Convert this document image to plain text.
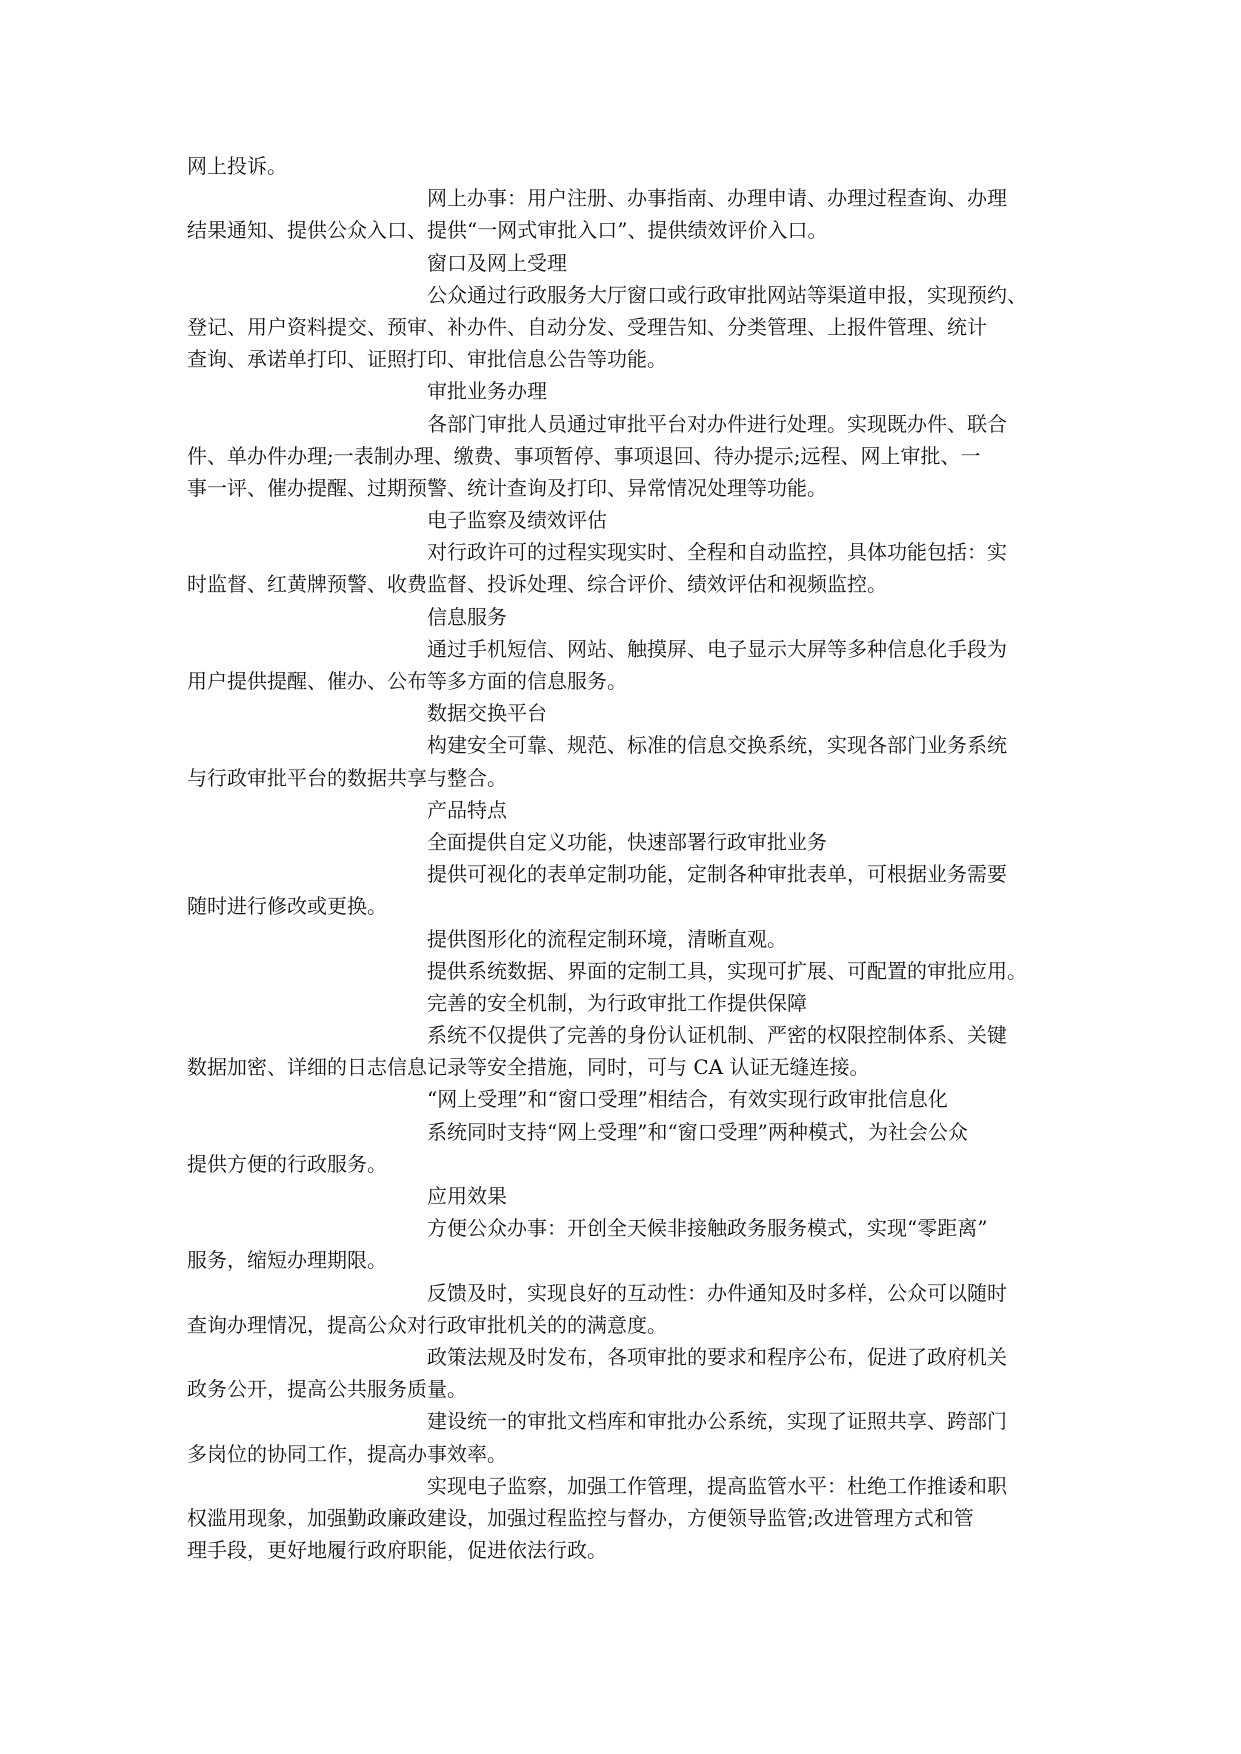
网上投诉。
网上办事：用户注册、办事指南、办理申请、办理过程查询、办理
结果通知、提供公众入口、提供“一网式审批入口”、提供绩效评价入口。
窗口及网上受理
公众通过行政服务大厅窗口或行政审批网站等渠道申报，实现预约、
登记、用户资料提交、预审、补办件、自动分发、受理告知、分类管理、上报件管理、统计
查询、承诺单打印、证照打印、审批信息公告等功能。
审批业务办理
各部门审批人员通过审批平台对办件进行处理。实现既办件、联合
件、单办件办理;一表制办理、缴费、事项暂停、事项退回、待办提示;远程、网上审批、一
事一评、催办提醒、过期预警、统计查询及打印、异常情况处理等功能。
电子监察及绩效评估
对行政许可的过程实现实时、全程和自动监控，具体功能包括：实
时监督、红黄牌预警、收费监督、投诉处理、综合评价、绩效评估和视频监控。
信息服务
通过手机短信、网站、触摸屏、电子显示大屏等多种信息化手段为
用户提供提醒、催办、公布等多方面的信息服务。
数据交换平台
构建安全可靠、规范、标准的信息交换系统，实现各部门业务系统
与行政审批平台的数据共享与整合。
产品特点
全面提供自定义功能，快速部署行政审批业务
提供可视化的表单定制功能，定制各种审批表单，可根据业务需要
随时进行修改或更换。
提供图形化的流程定制环境，清晰直观。
提供系统数据、界面的定制工具，实现可扩展、可配置的审批应用。
完善的安全机制，为行政审批工作提供保障
系统不仅提供了完善的身份认证机制、严密的权限控制体系、关键
数据加密、详细的日志信息记录等安全措施，同时，可与 CA 认证无缝连接。
“网上受理”和“窗口受理”相结合，有效实现行政审批信息化
系统同时支持“网上受理”和“窗口受理”两种模式，为社会公众
提供方便的行政服务。
应用效果
方便公众办事：开创全天候非接触政务服务模式，实现“零距离”
服务，缩短办理期限。
反馈及时，实现良好的互动性：办件通知及时多样，公众可以随时
查询办理情况，提高公众对行政审批机关的的满意度。
政策法规及时发布，各项审批的要求和程序公布，促进了政府机关
政务公开，提高公共服务质量。
建设统一的审批文档库和审批办公系统，实现了证照共享、跨部门
多岗位的协同工作，提高办事效率。
实现电子监察，加强工作管理，提高监管水平：杜绝工作推诿和职
权滥用现象，加强勤政廉政建设，加强过程监控与督办，方便领导监管;改进管理方式和管
理手段，更好地履行政府职能，促进依法行政。
